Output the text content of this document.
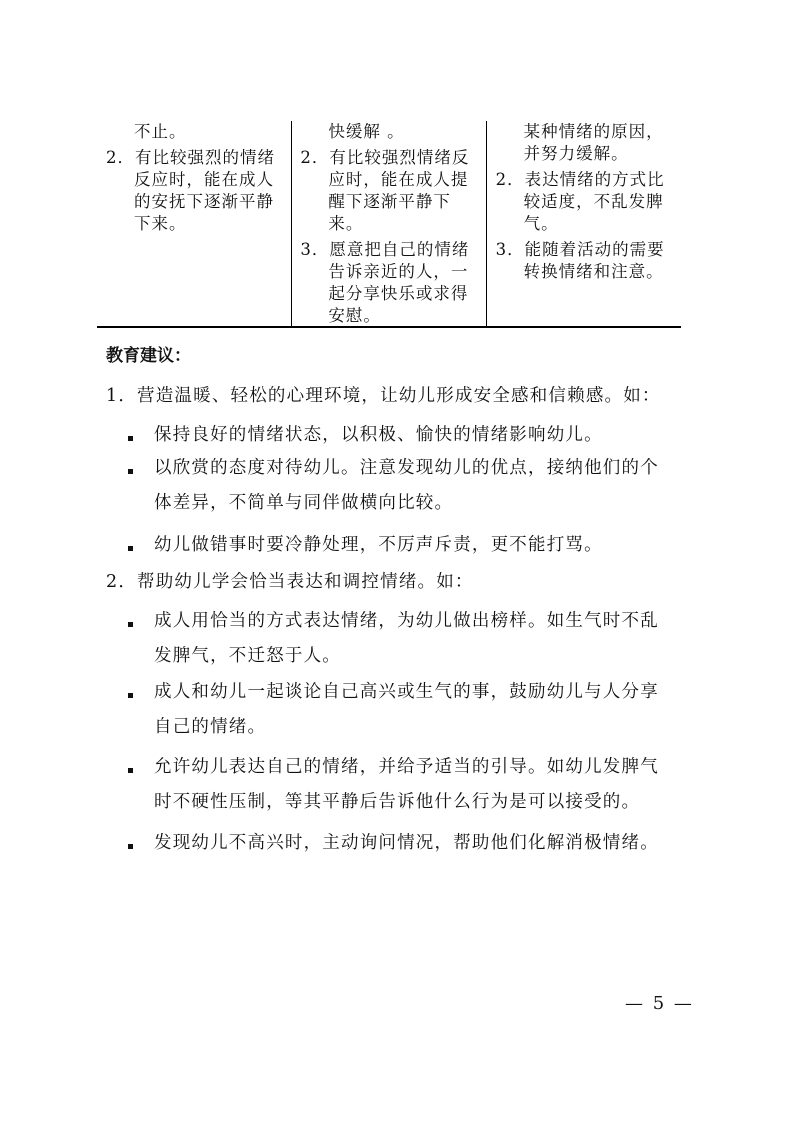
不止。
2．有比较强烈的情绪
反应时，能在成人
的安抚下逐渐平静
下来。
快缓解 。
2．有比较强烈情绪反
应时，能在成人提
醒下逐渐平静下
来。
3．愿意把自己的情绪
告诉亲近的人，一
起分享快乐或求得
安慰。
某种情绪的原因，
并努力缓解。
2．表达情绪的方式比
较适度，不乱发脾
气。
3．能随着活动的需要
转换情绪和注意。
教育建议：
1．营造温暖、轻松的心理环境，让幼儿形成安全感和信赖感。如：
保持良好的情绪状态，以积极、愉快的情绪影响幼儿。
以欣赏的态度对待幼儿。注意发现幼儿的优点，接纳他们的个
体差异，不简单与同伴做横向比较。
幼儿做错事时要冷静处理，不厉声斥责，更不能打骂。
2．帮助幼儿学会恰当表达和调控情绪。如：
成人用恰当的方式表达情绪，为幼儿做出榜样。如生气时不乱
发脾气，不迁怒于人。
成人和幼儿一起谈论自己高兴或生气的事，鼓励幼儿与人分享
自己的情绪。
允许幼儿表达自己的情绪，并给予适当的引导。如幼儿发脾气
时不硬性压制，等其平静后告诉他什么行为是可以接受的。
发现幼儿不高兴时，主动询问情况，帮助他们化解消极情绪。
— 5 —
